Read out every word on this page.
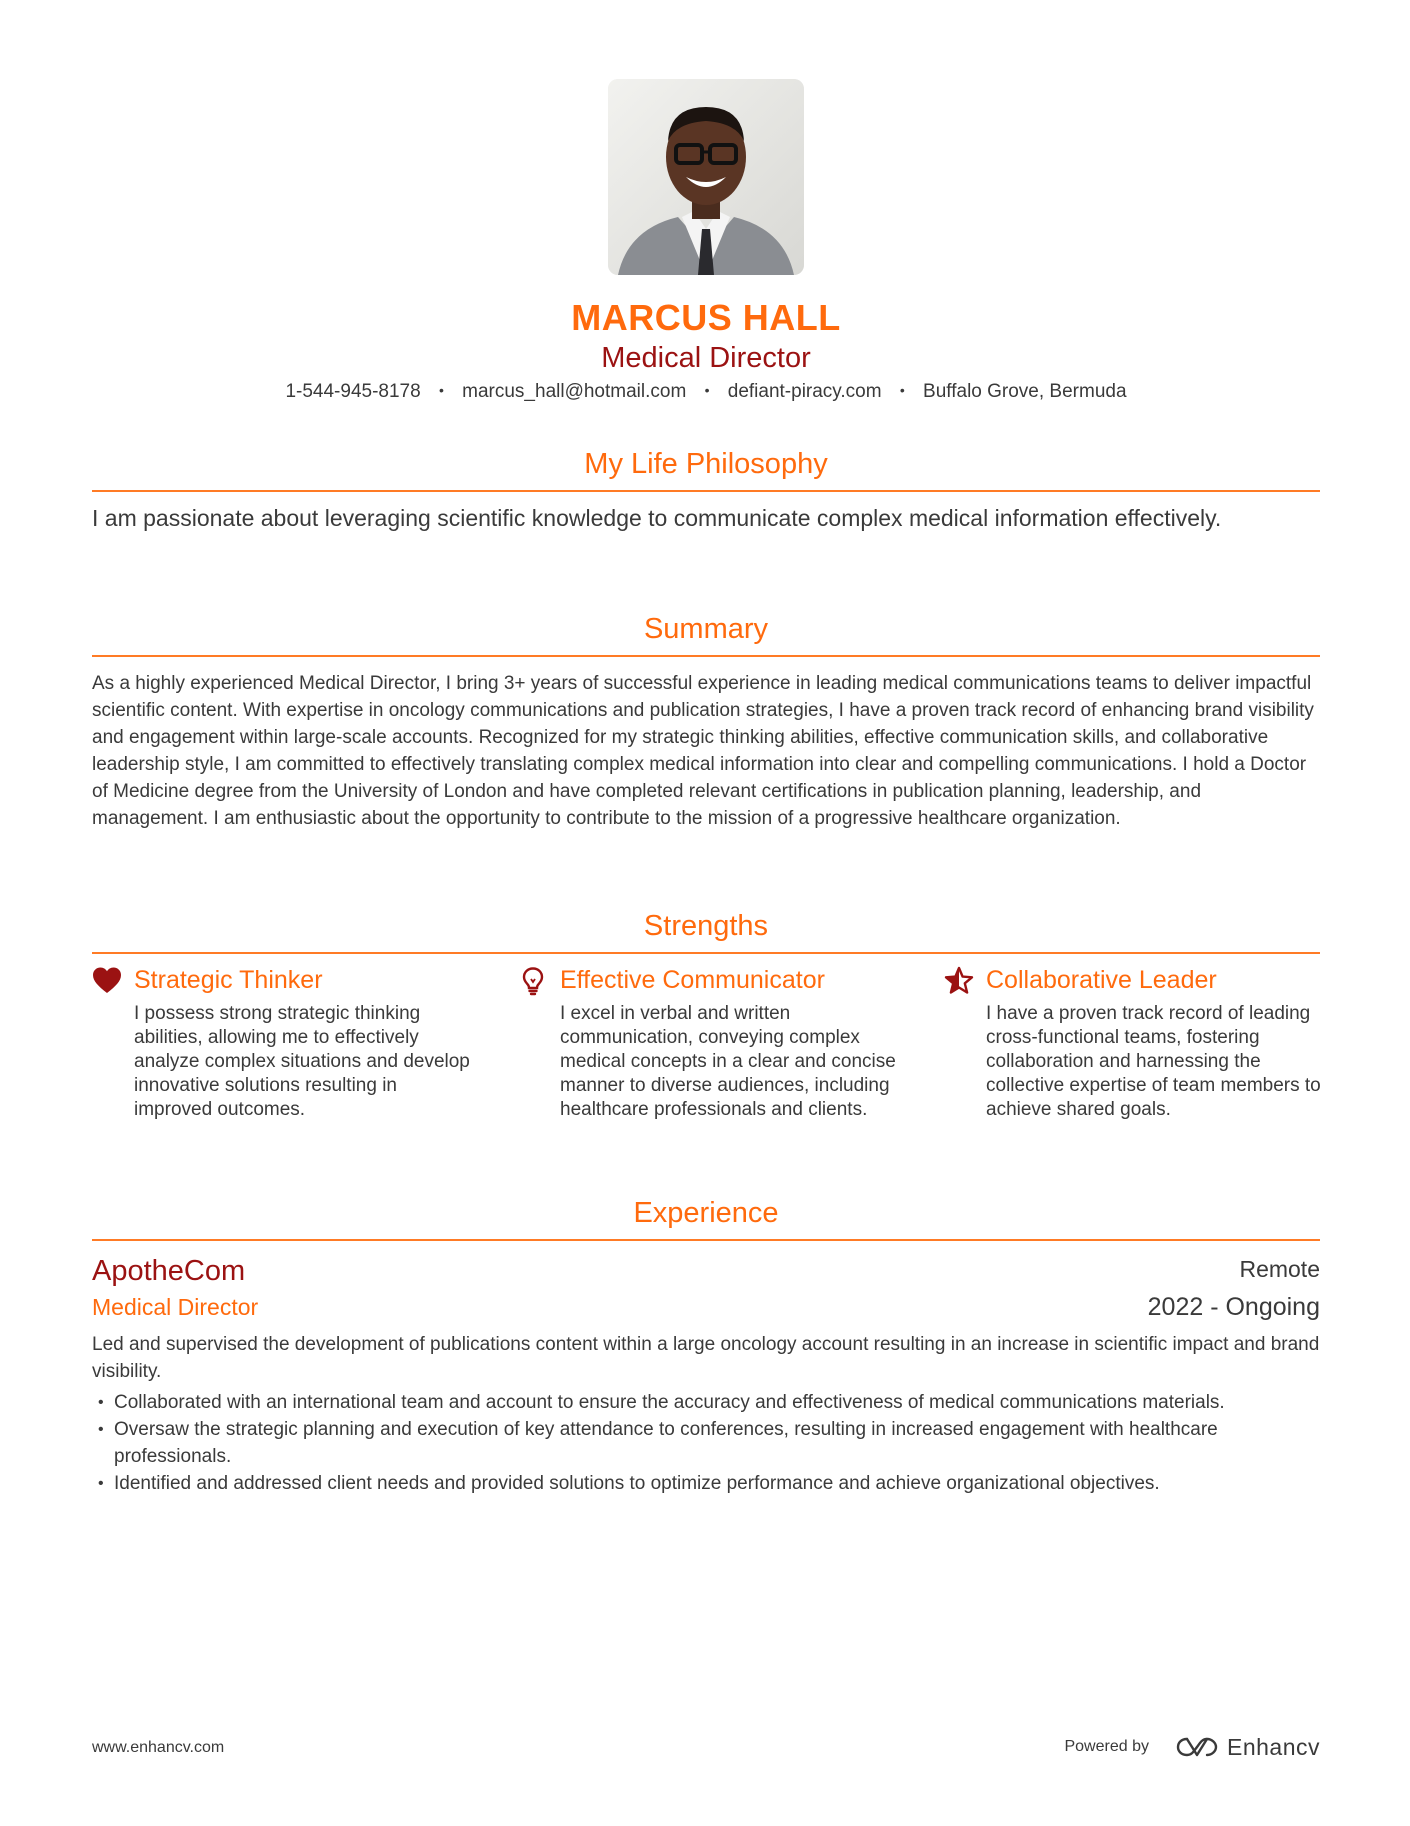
MARCUS HALL
Medical Director
1-544-945-8178 • marcus_hall@hotmail.com • defiant-piracy.com • Buffalo Grove, Bermuda
My Life Philosophy
I am passionate about leveraging scientific knowledge to communicate complex medical information effectively.
Summary
As a highly experienced Medical Director, I bring 3+ years of successful experience in leading medical communications teams to deliver impactful scientific content. With expertise in oncology communications and publication strategies, I have a proven track record of enhancing brand visibility and engagement within large-scale accounts. Recognized for my strategic thinking abilities, effective communication skills, and collaborative leadership style, I am committed to effectively translating complex medical information into clear and compelling communications. I hold a Doctor of Medicine degree from the University of London and have completed relevant certifications in publication planning, leadership, and management. I am enthusiastic about the opportunity to contribute to the mission of a progressive healthcare organization.
Strengths
Strategic Thinker
I possess strong strategic thinking abilities, allowing me to effectively analyze complex situations and develop innovative solutions resulting in improved outcomes.
Effective Communicator
I excel in verbal and written communication, conveying complex medical concepts in a clear and concise manner to diverse audiences, including healthcare professionals and clients.
Collaborative Leader
I have a proven track record of leading cross-functional teams, fostering collaboration and harnessing the collective expertise of team members to achieve shared goals.
Experience
ApotheCom	Remote
Medical Director	2022 - Ongoing
Led and supervised the development of publications content within a large oncology account resulting in an increase in scientific impact and brand visibility.
• Collaborated with an international team and account to ensure the accuracy and effectiveness of medical communications materials.
• Oversaw the strategic planning and execution of key attendance to conferences, resulting in increased engagement with healthcare professionals.
• Identified and addressed client needs and provided solutions to optimize performance and achieve organizational objectives.
www.enhancv.com	Powered by	Enhancv
